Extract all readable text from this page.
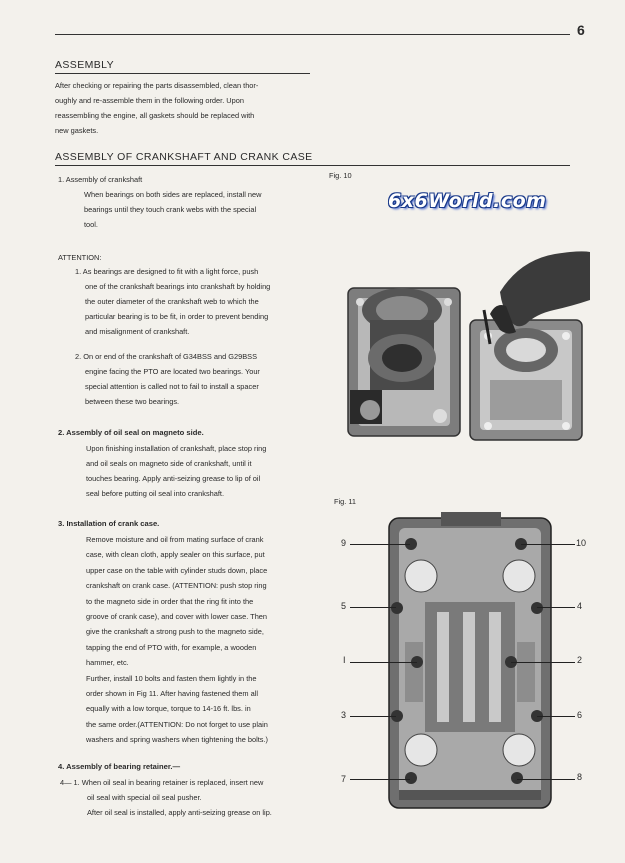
6
ASSEMBLY
After checking or repairing the parts disassembled, clean thor-
oughly and re-assemble them in the following order. Upon
reassembling the engine, all gaskets should be replaced with
new gaskets.
ASSEMBLY OF CRANKSHAFT AND CRANK CASE
1. Assembly of crankshaft
When bearings on both sides are replaced, install new
bearings until they touch crank webs with the special
tool.
ATTENTION:
1. As bearings are designed to fit with a light force, push
one of the crankshaft bearings into crankshaft by holding
the outer diameter of the crankshaft web to which the
particular bearing is to be fit, in order to prevent bending
and misalignment of crankshaft.
2. On or end of the crankshaft of G34BSS and G29BSS
engine facing the PTO are located two bearings. Your
special attention is called not to fail to install a spacer
between these two bearings.
2. Assembly of oil seal on magneto side.
Upon finishing installation of crankshaft, place stop ring
and oil seals on magneto side of crankshaft, until it
touches bearing. Apply anti-seizing grease to lip of oil
seal before putting oil seal into crankshaft.
3. Installation of crank case.
Remove moisture and oil from mating surface of crank
case, with clean cloth, apply sealer on this surface, put
upper case on the table with cylinder studs down, place
crankshaft on crank case. (ATTENTION: push stop ring
to the magneto side in order that the ring fit into the
groove of crank case), and cover with lower case. Then
give the crankshaft a strong push to the magneto side,
tapping the end of PTO with, for example, a wooden
hammer, etc.
Further, install 10 bolts and fasten them lightly in the
order shown in Fig 11. After having fastened them all
equally with a low torque, torque to 14-16 ft. lbs. in
the same order.(ATTENTION: Do not forget to use plain
washers and spring washers when tightening the bolts.)
4. Assembly of bearing retainer.—
4— 1. When oil seal in bearing retainer is replaced, insert new
oil seal with special oil seal pusher.
After oil seal is installed, apply anti-seizing grease on lip.
Fig. 10
6x6World.com
Fig. 11
9
5
I
3
7
10
4
2
6
8
